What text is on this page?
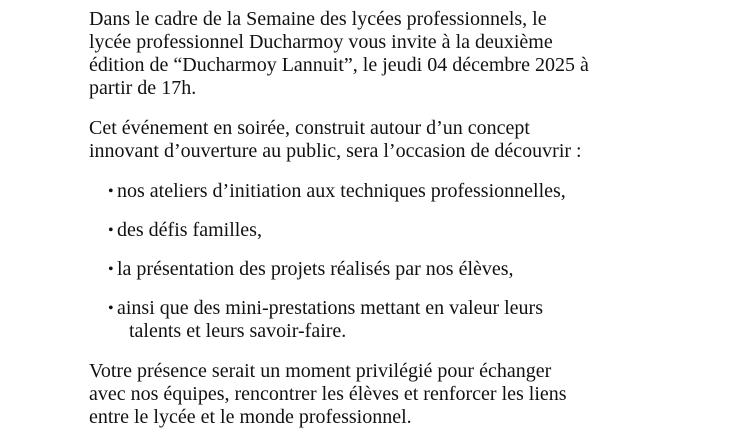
Dans le cadre de la Semaine des lycées professionnels, le
lycée professionnel Ducharmoy vous invite à la deuxième
édition de “Ducharmoy Lannuit”, le jeudi 04 décembre 2025 à
partir de 17h.

Cet événement en soirée, construit autour d’un concept
innovant d’ouverture au public, sera l’occasion de découvrir :

• nos ateliers d’initiation aux techniques professionnelles,
• des défis familles,
• la présentation des projets réalisés par nos élèves,
• ainsi que des mini-prestations mettant en valeur leurs
talents et leurs savoir-faire.

Votre présence serait un moment privilégié pour échanger
avec nos équipes, rencontrer les élèves et renforcer les liens
entre le lycée et le monde professionnel.
